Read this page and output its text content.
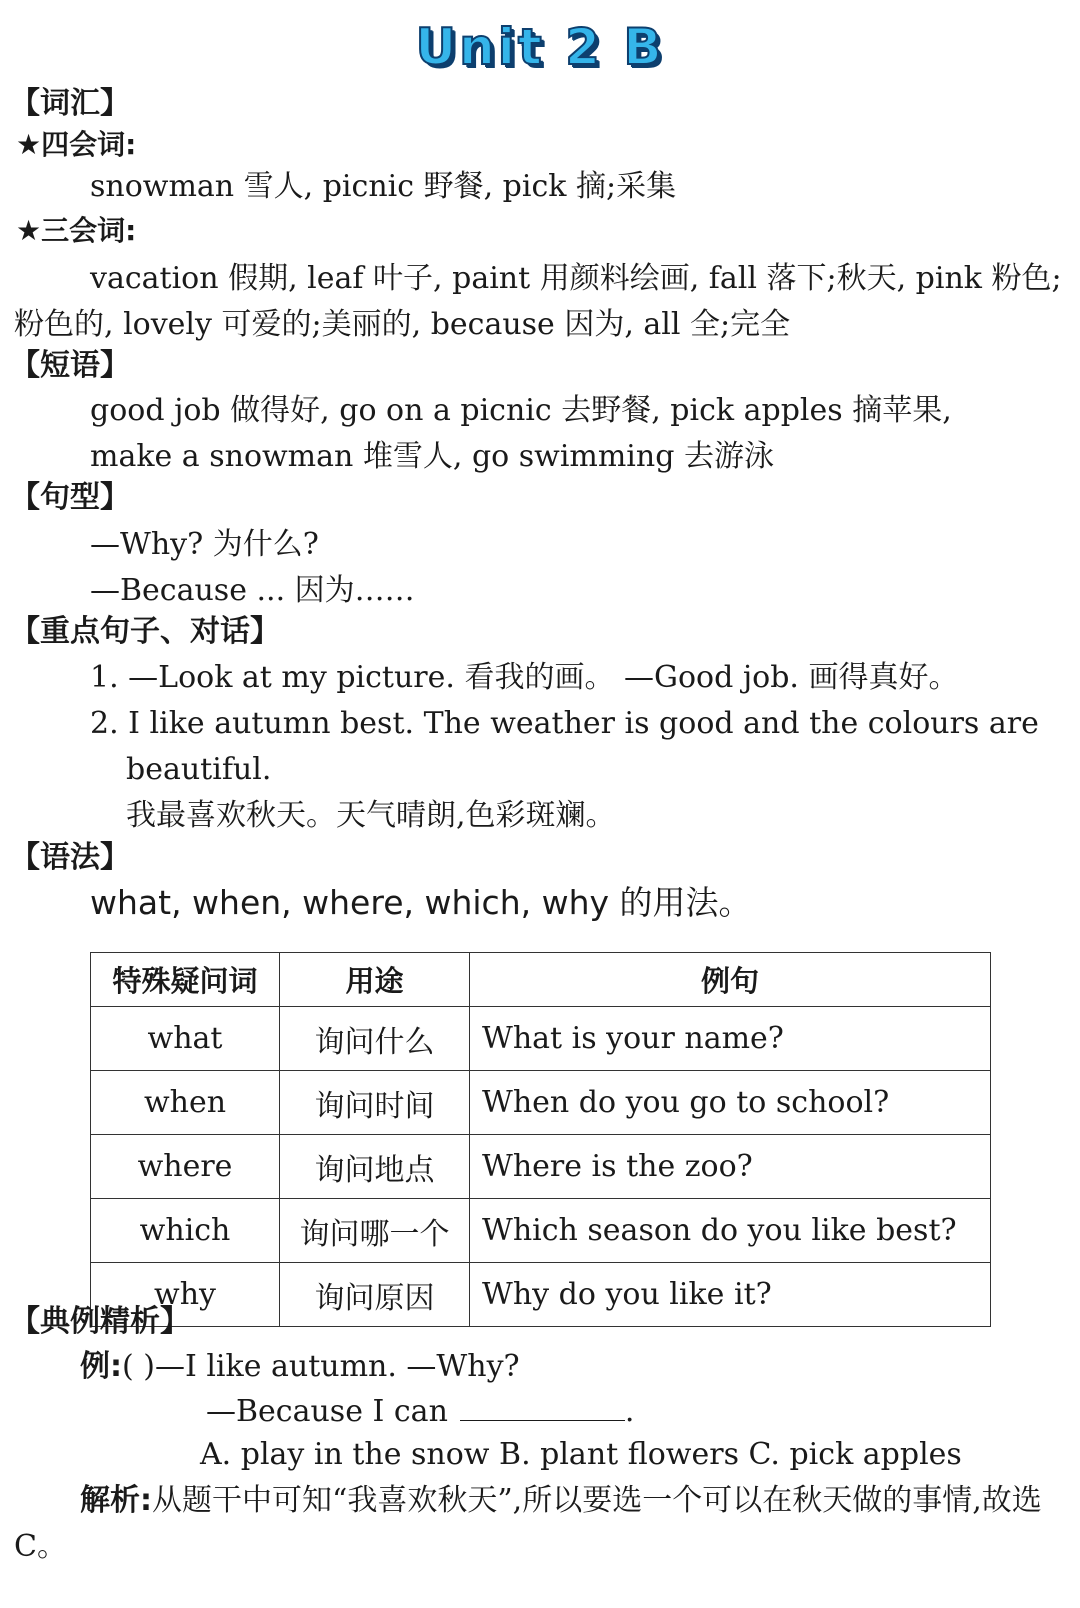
Unit 2 B
【词汇】
★四会词:
snowman 雪人, picnic 野餐, pick 摘;采集
★三会词:
vacation 假期, leaf 叶子, paint 用颜料绘画, fall 落下;秋天, pink 粉色;粉色的, lovely 可爱的;美丽的, because 因为, all 全;完全
【短语】
good job 做得好, go on a picnic 去野餐, pick apples 摘苹果,
make a snowman 堆雪人, go swimming 去游泳
【句型】
—Why? 为什么?
—Because ... 因为……
【重点句子、对话】
1. —Look at my picture. 看我的画。 —Good job. 画得真好。
2. I like autumn best. The weather is good and the colours are
beautiful.
我最喜欢秋天。天气晴朗,色彩斑斓。
【语法】
what, when, where, which, why 的用法。
特殊疑问词	用途	例句
what	询问什么	What is your name?
when	询问时间	When do you go to school?
where	询问地点	Where is the zoo?
which	询问哪一个	Which season do you like best?
why	询问原因	Why do you like it?
【典例精析】
例:( )—I like autumn. —Why?
—Because I can	.
A. play in the snow B. plant flowers C. pick apples
解析:从题干中可知“我喜欢秋天”,所以要选一个可以在秋天做的事情,故选 C。
